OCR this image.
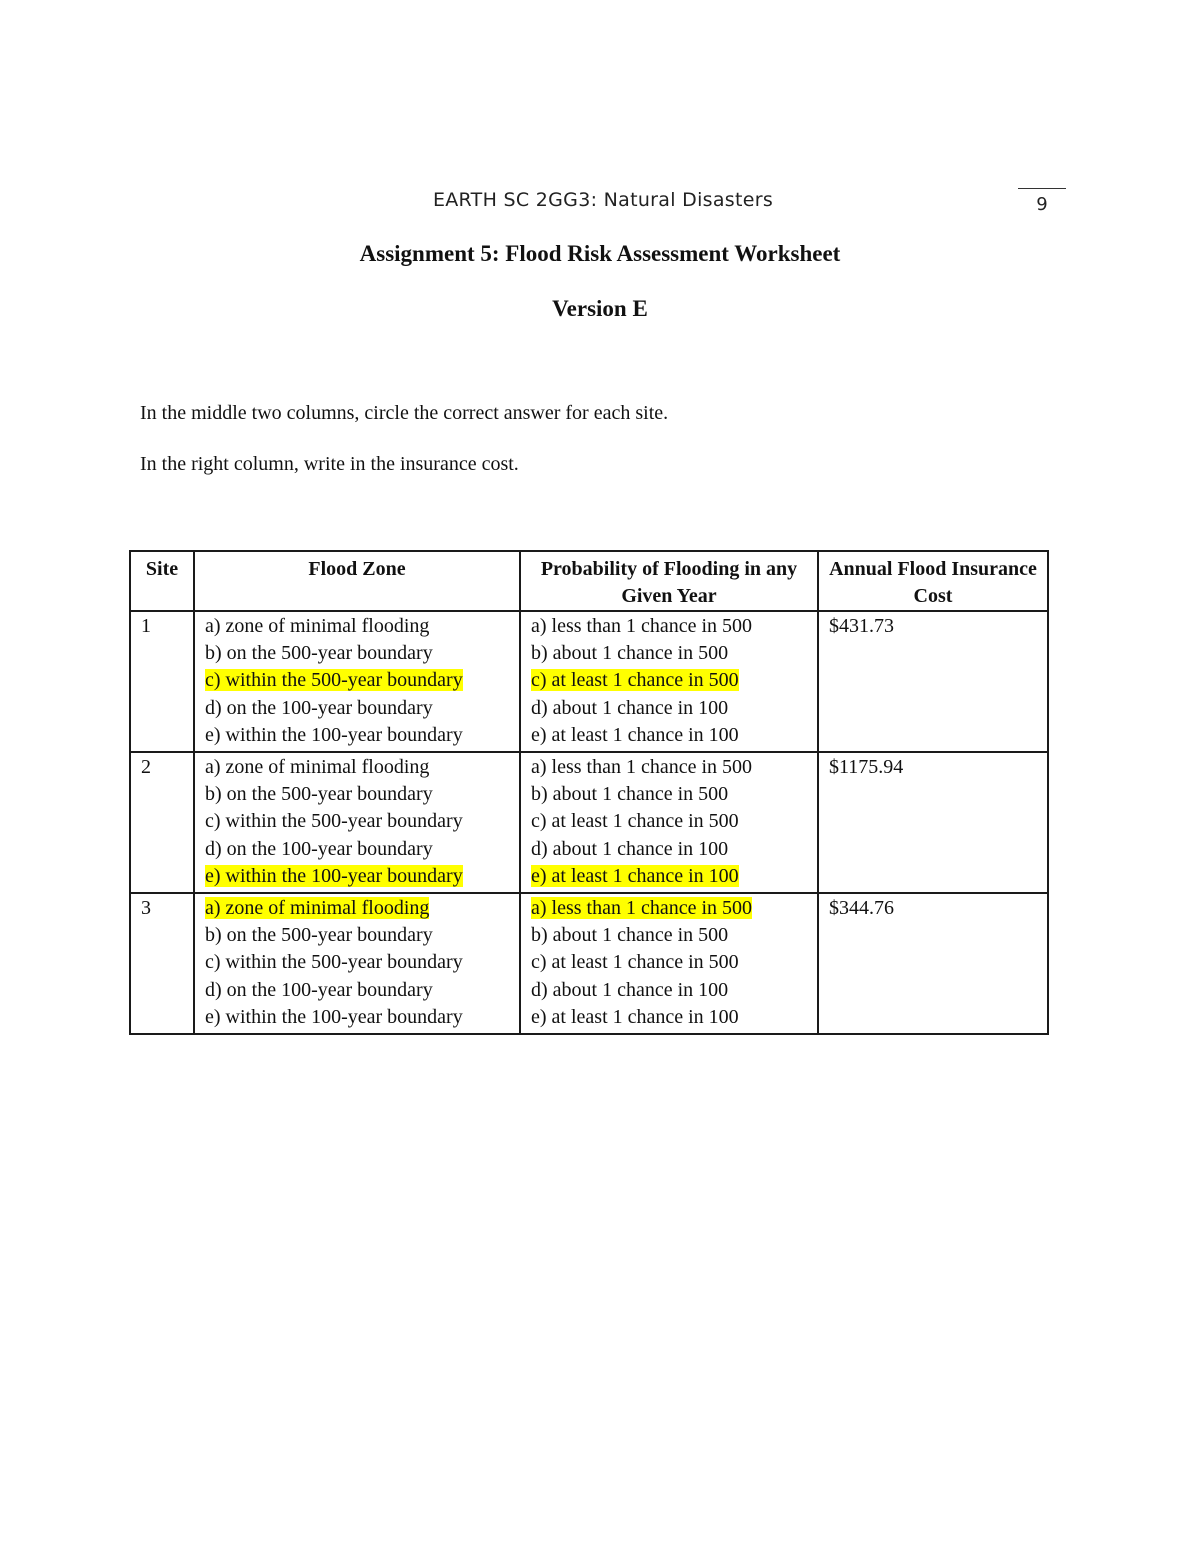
EARTH SC 2GG3: Natural Disasters	9
Assignment 5: Flood Risk Assessment Worksheet
Version E
In the middle two columns, circle the correct answer for each site.
In the right column, write in the insurance cost.
Site	Flood Zone	Probability of Flooding in any Given Year	Annual Flood Insurance Cost
1	a) zone of minimal flooding
b) on the 500-year boundary
c) within the 500-year boundary
d) on the 100-year boundary
e) within the 100-year boundary	a) less than 1 chance in 500
b) about 1 chance in 500
c) at least 1 chance in 500
d) about 1 chance in 100
e) at least 1 chance in 100	$431.73
2	a) zone of minimal flooding
b) on the 500-year boundary
c) within the 500-year boundary
d) on the 100-year boundary
e) within the 100-year boundary	a) less than 1 chance in 500
b) about 1 chance in 500
c) at least 1 chance in 500
d) about 1 chance in 100
e) at least 1 chance in 100	$1175.94
3	a) zone of minimal flooding
b) on the 500-year boundary
c) within the 500-year boundary
d) on the 100-year boundary
e) within the 100-year boundary	a) less than 1 chance in 500
b) about 1 chance in 500
c) at least 1 chance in 500
d) about 1 chance in 100
e) at least 1 chance in 100	$344.76
